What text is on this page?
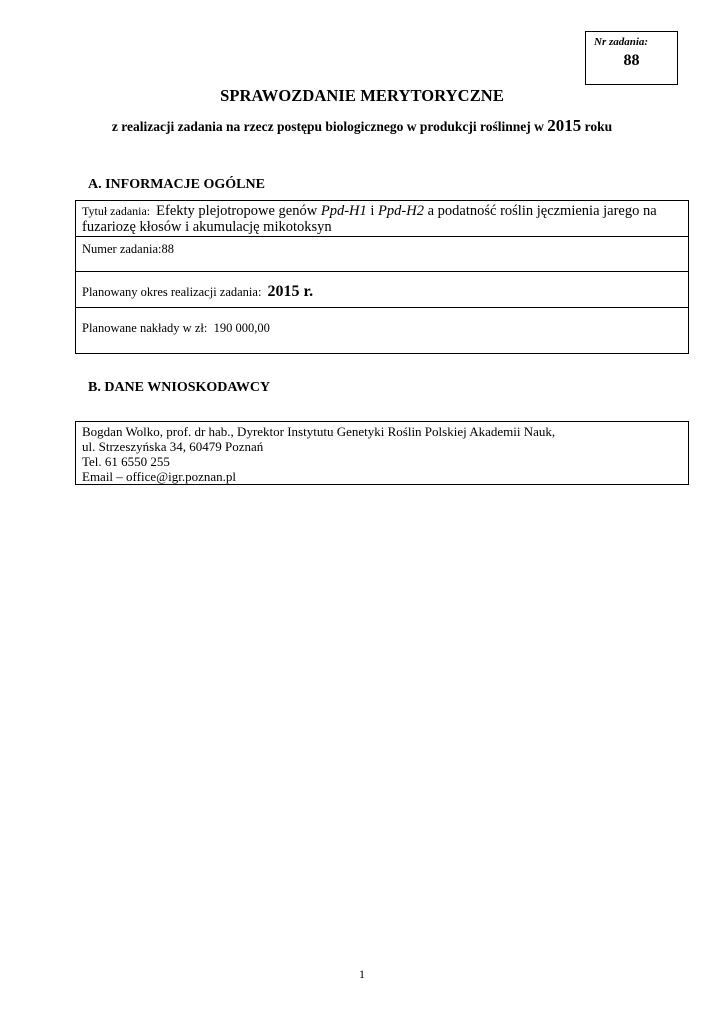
Nr zadania:
88
SPRAWOZDANIE MERYTORYCZNE
z realizacji zadania na rzecz postępu biologicznego w produkcji roślinnej w 2015 roku
A. INFORMACJE OGÓLNE
Tytuł zadania: Efekty plejotropowe genów Ppd-H1 i Ppd-H2 a podatność roślin jęczmienia jarego na fuzariozę kłosów i akumulację mikotoksyn
Numer zadania:88
Planowany okres realizacji zadania: 2015 r.
Planowane nakłady w zł: 190 000,00
B. DANE WNIOSKODAWCY
Bogdan Wolko, prof. dr hab., Dyrektor Instytutu Genetyki Roślin Polskiej Akademii Nauk,
ul. Strzeszyńska 34, 60479 Poznań
Tel. 61 6550 255
Email – office@igr.poznan.pl
1
